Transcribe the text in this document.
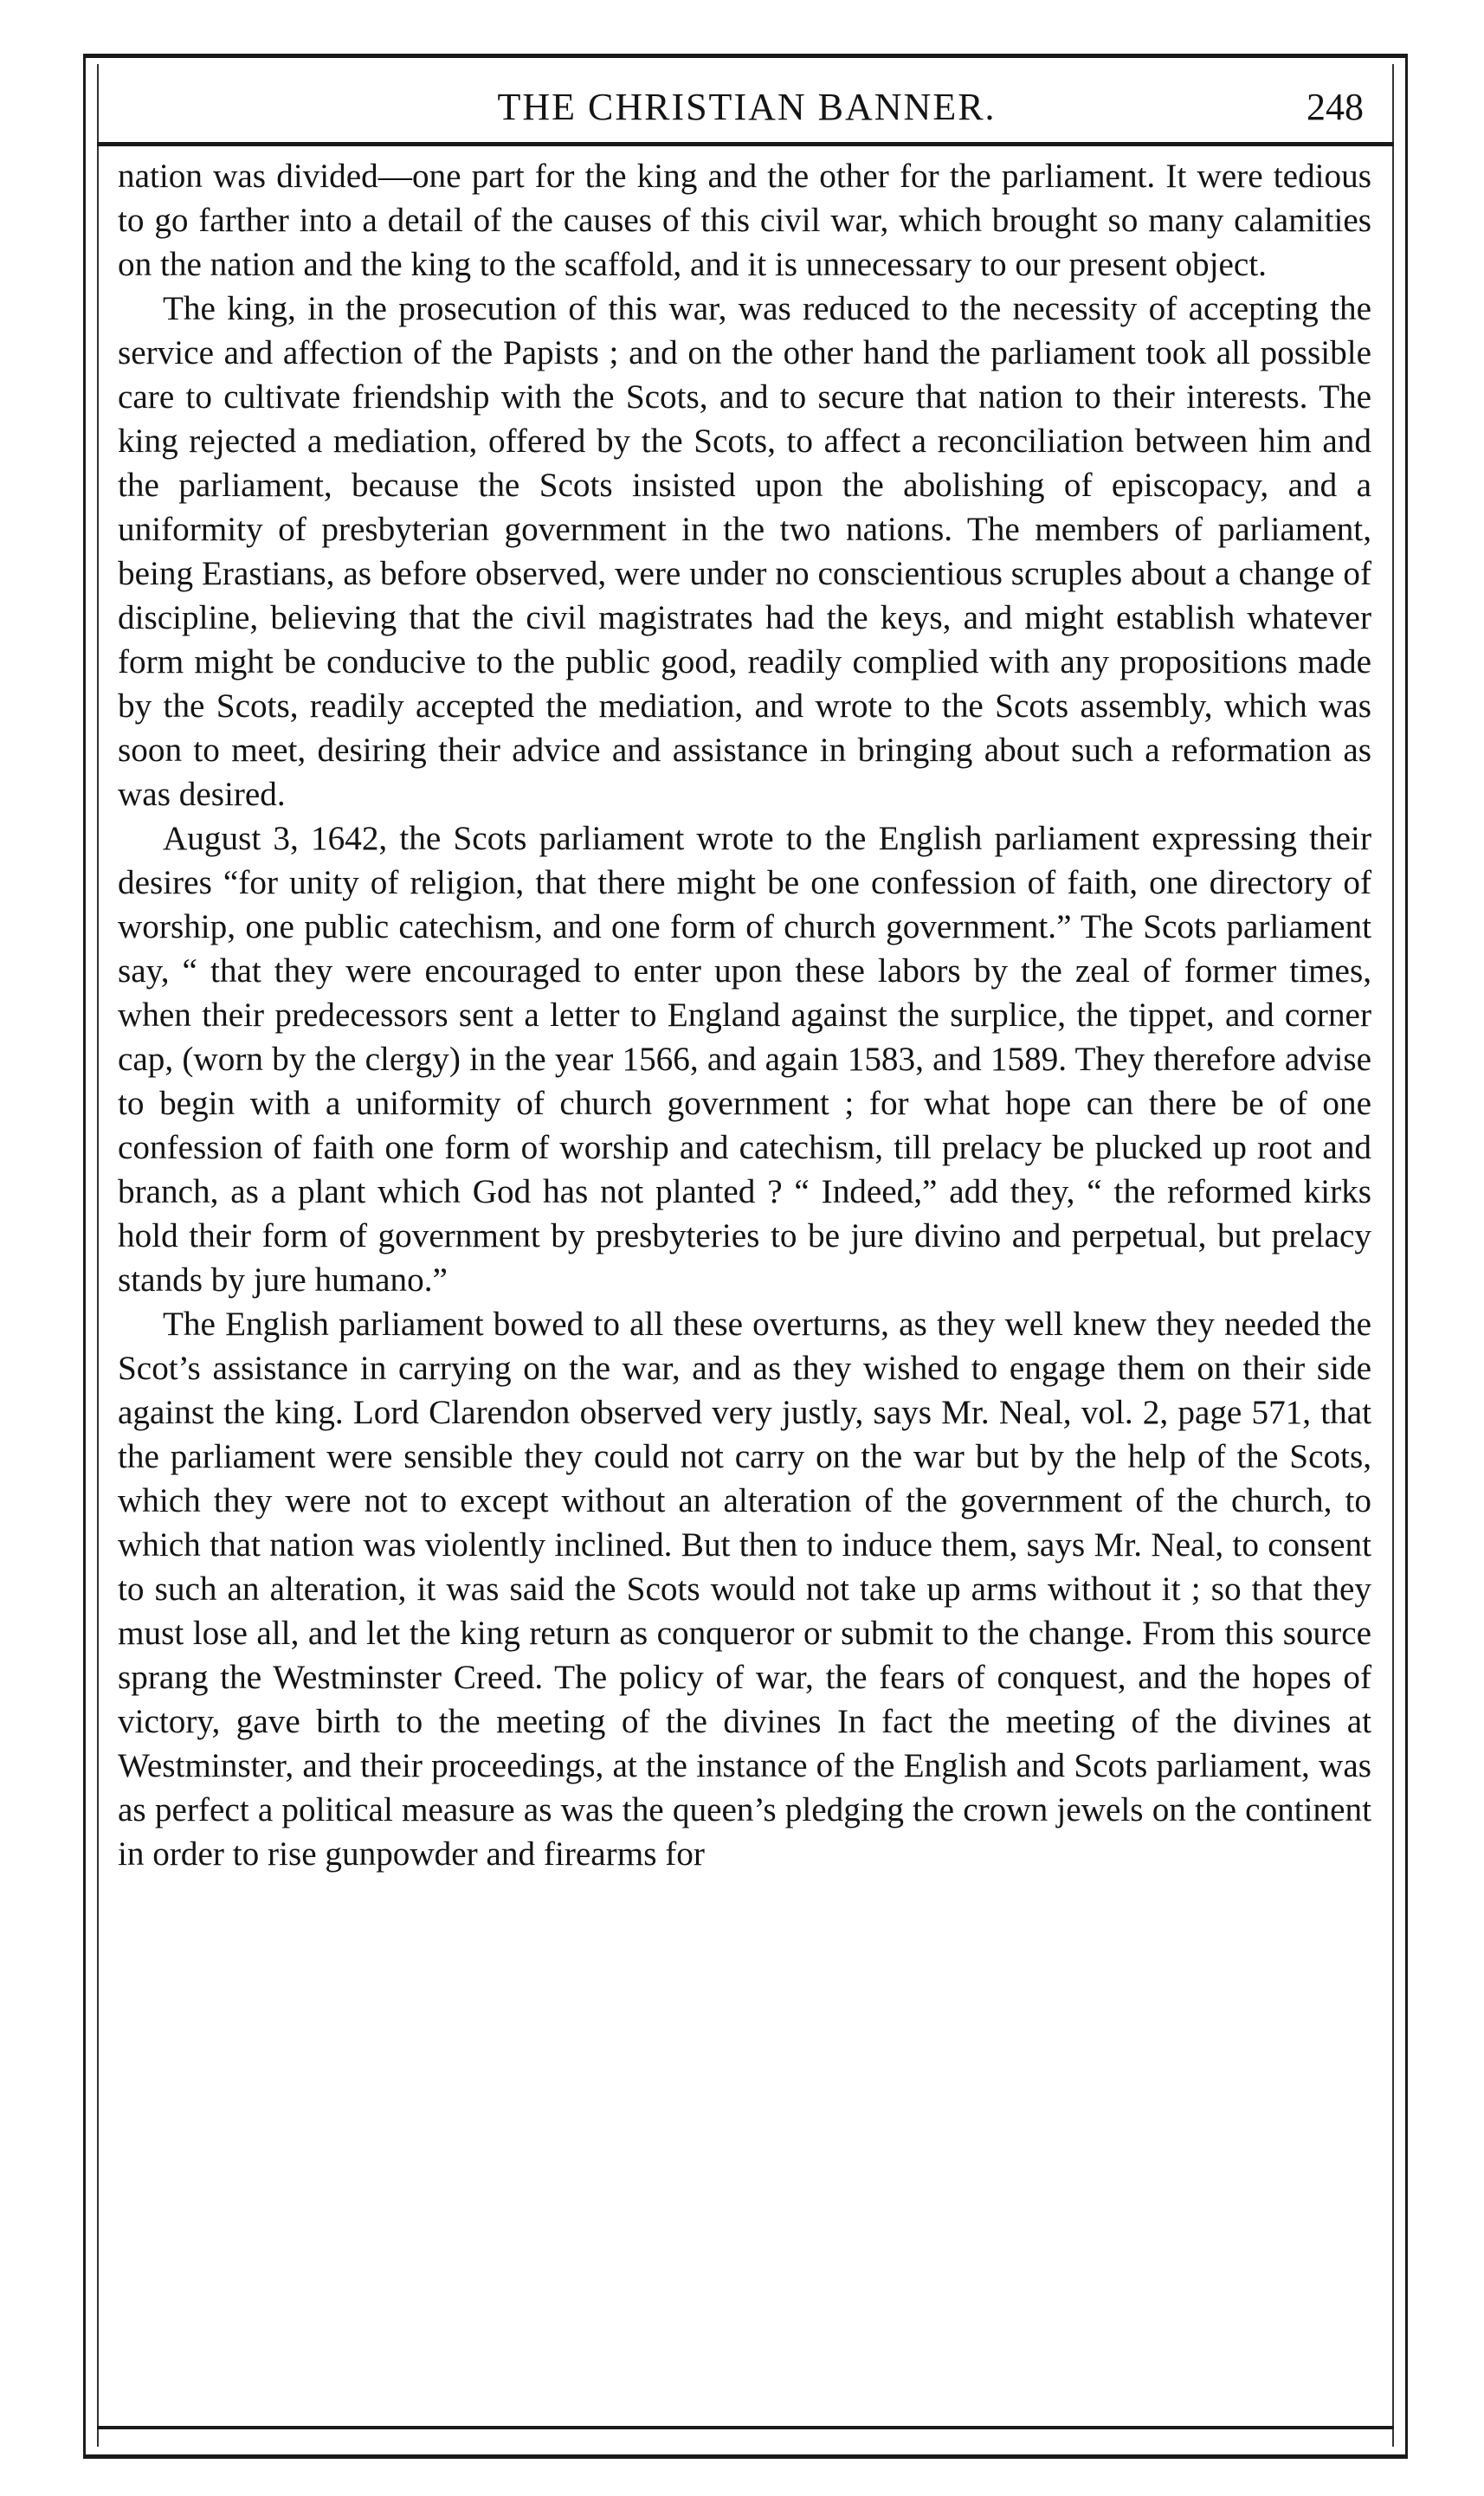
THE CHRISTIAN BANNER.	248

nation was divided—one part for the king and the other for the parliament. It were tedious to go farther into a detail of the causes of this civil war, which brought so many calamities on the nation and the king to the scaffold, and it is unnecessary to our present object.

The king, in the prosecution of this war, was reduced to the necessity of accepting the service and affection of the Papists ; and on the other hand the parliament took all possible care to cultivate friendship with the Scots, and to secure that nation to their interests. The king rejected a mediation, offered by the Scots, to affect a reconciliation between him and the parliament, because the Scots insisted upon the abolishing of episcopacy, and a uniformity of presbyterian government in the two nations. The members of parliament, being Erastians, as before observed, were under no conscientious scruples about a change of discipline, believing that the civil magistrates had the keys, and might establish whatever form might be conducive to the public good, readily complied with any propositions made by the Scots, readily accepted the mediation, and wrote to the Scots assembly, which was soon to meet, desiring their advice and assistance in bringing about such a reformation as was desired.

August 3, 1642, the Scots parliament wrote to the English parliament expressing their desires “for unity of religion, that there might be one confession of faith, one directory of worship, one public catechism, and one form of church government.” The Scots parliament say, “ that they were encouraged to enter upon these labors by the zeal of former times, when their predecessors sent a letter to England against the surplice, the tippet, and corner cap, (worn by the clergy) in the year 1566, and again 1583, and 1589. They therefore advise to begin with a uniformity of church government ; for what hope can there be of one confession of faith one form of worship and catechism, till prelacy be plucked up root and branch, as a plant which God has not planted ? “ Indeed,” add they, “ the reformed kirks hold their form of government by presbyteries to be jure divino and perpetual, but prelacy stands by jure humano.”

The English parliament bowed to all these overturns, as they well knew they needed the Scot’s assistance in carrying on the war, and as they wished to engage them on their side against the king. Lord Clarendon observed very justly, says Mr. Neal, vol. 2, page 571, that the parliament were sensible they could not carry on the war but by the help of the Scots, which they were not to except without an alteration of the government of the church, to which that nation was violently inclined. But then to induce them, says Mr. Neal, to consent to such an alteration, it was said the Scots would not take up arms without it ; so that they must lose all, and let the king return as conqueror or submit to the change. From this source sprang the Westminster Creed. The policy of war, the fears of conquest, and the hopes of victory, gave birth to the meeting of the divines In fact the meeting of the divines at Westminster, and their proceedings, at the instance of the English and Scots parliament, was as perfect a political measure as was the queen’s pledging the crown jewels on the continent in order to rise gunpowder and firearms for
